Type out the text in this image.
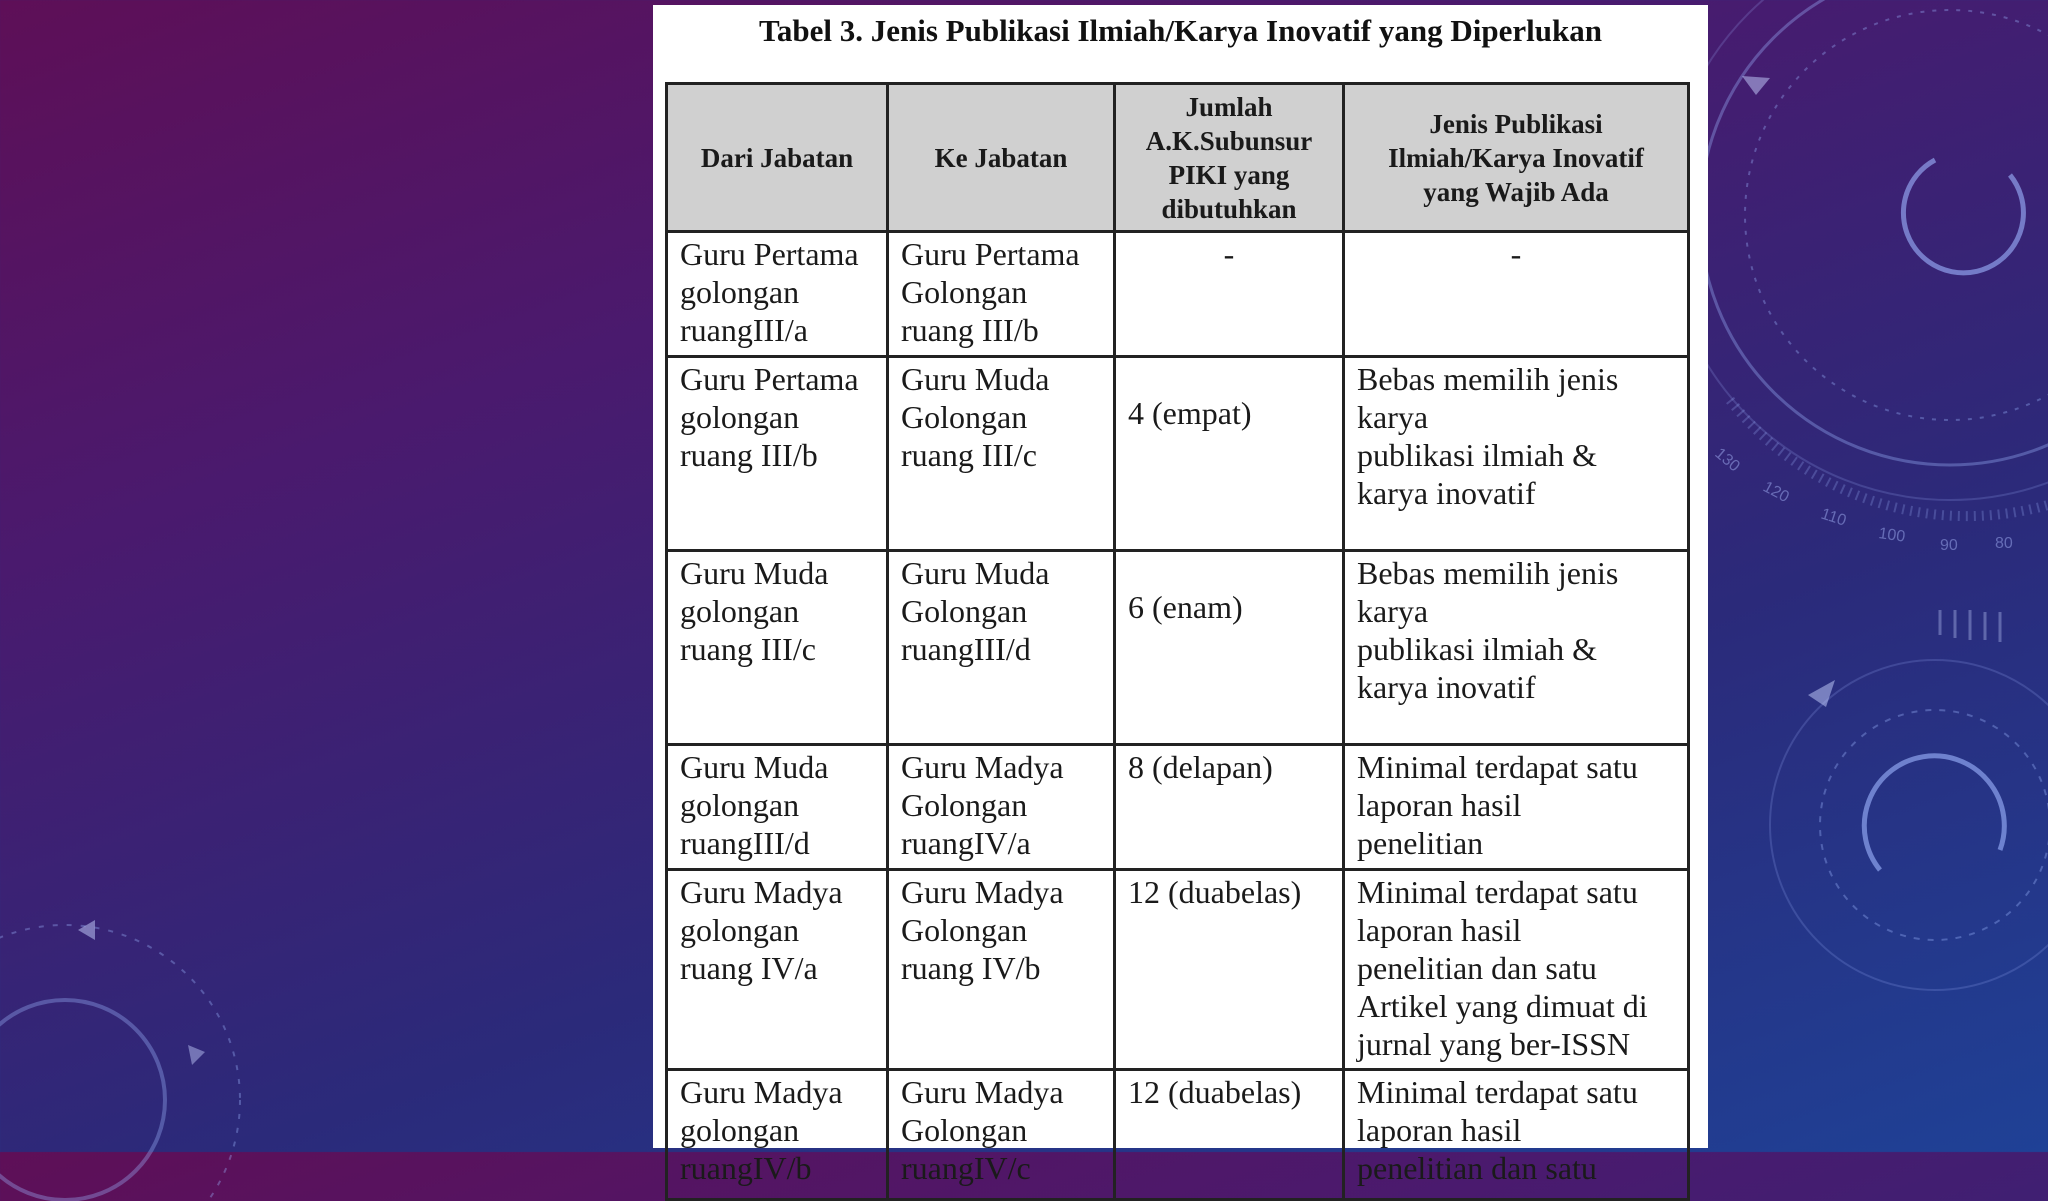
130
120
110
100 90 80
Tabel 3. Jenis Publikasi Ilmiah/Karya Inovatif yang Diperlukan
Dari Jabatan	Ke Jabatan	Jumlah
A.K.Subunsur
PIKI yang
dibutuhkan	Jenis Publikasi
Ilmiah/Karya Inovatif
yang Wajib Ada
Guru Pertama
golongan
ruangIII/a	Guru Pertama
Golongan
ruang III/b	-	-
Guru Pertama
golongan
ruang III/b	Guru Muda
Golongan
ruang III/c	4 (empat)	Bebas memilih jenis
karya
publikasi ilmiah &
karya inovatif
Guru Muda
golongan
ruang III/c	Guru Muda
Golongan
ruangIII/d	6 (enam)	Bebas memilih jenis
karya
publikasi ilmiah &
karya inovatif
Guru Muda
golongan
ruangIII/d	Guru Madya
Golongan
ruangIV/a	8 (delapan)	Minimal terdapat satu
laporan hasil
penelitian
Guru Madya
golongan
ruang IV/a	Guru Madya
Golongan
ruang IV/b	12 (duabelas)	Minimal terdapat satu
laporan hasil
penelitian dan satu
Artikel yang dimuat di
jurnal yang ber-ISSN
Guru Madya
golongan
ruangIV/b	Guru Madya
Golongan
ruangIV/c	12 (duabelas)	Minimal terdapat satu
laporan hasil
penelitian dan satu
